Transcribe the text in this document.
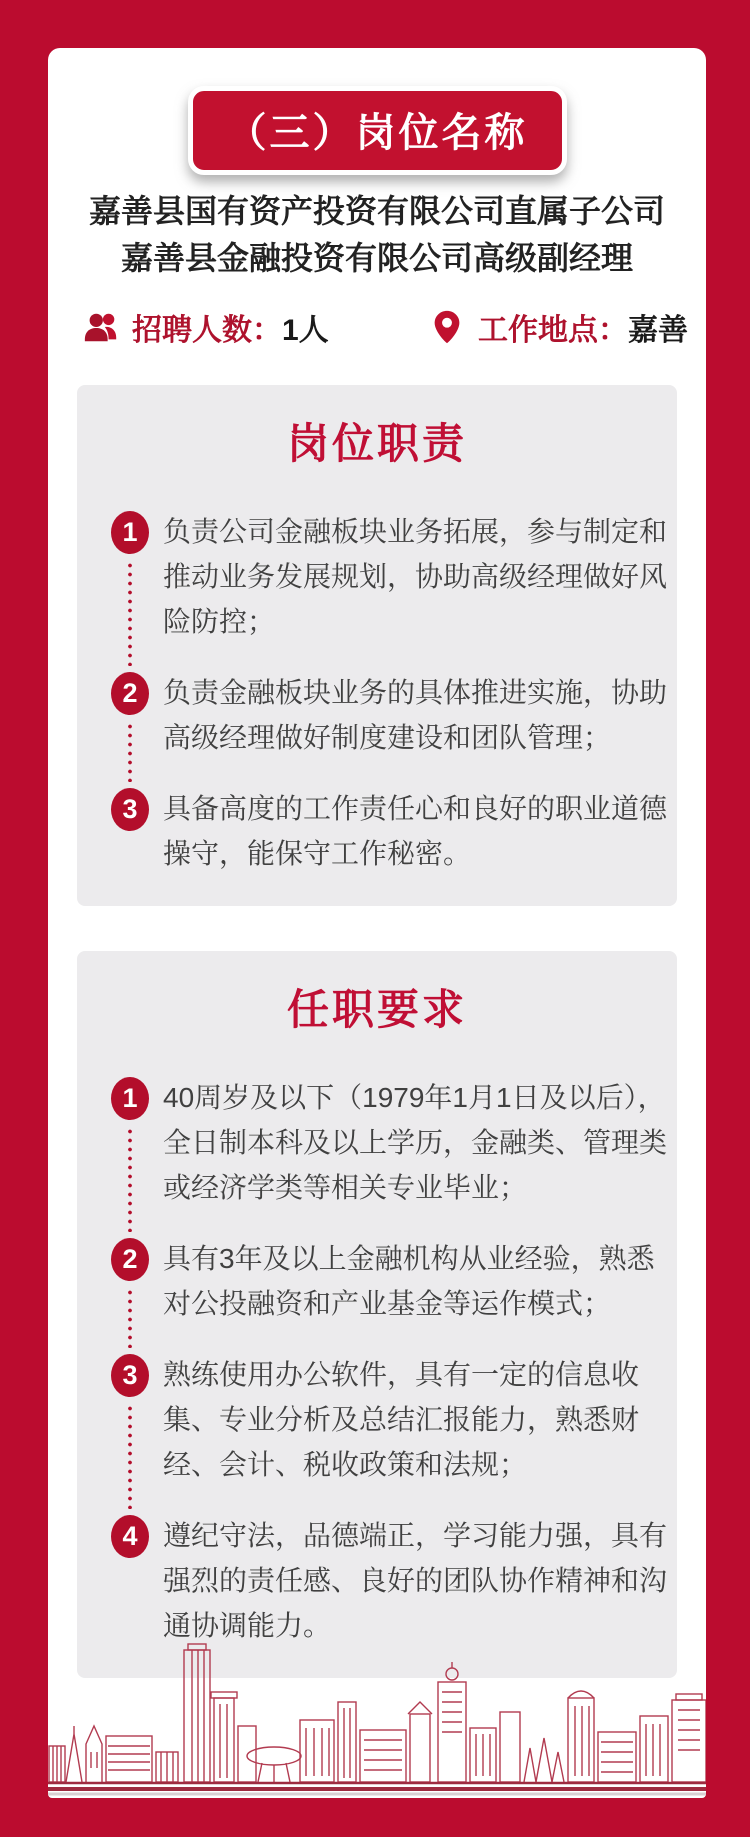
（三）岗位名称
嘉善县国有资产投资有限公司直属子公司
嘉善县金融投资有限公司高级副经理
招聘人数： 1人	工作地点： 嘉善
岗位职责
1 负责公司金融板块业务拓展，参与制定和推动业务发展规划，协助高级经理做好风险防控；
2 负责金融板块业务的具体推进实施，协助高级经理做好制度建设和团队管理；
3 具备高度的工作责任心和良好的职业道德操守，能保守工作秘密。
任职要求
1 40周岁及以下（1979年1月1日及以后），全日制本科及以上学历，金融类、管理类或经济学类等相关专业毕业；
2 具有3年及以上金融机构从业经验，熟悉对公投融资和产业基金等运作模式；
3 熟练使用办公软件，具有一定的信息收集、专业分析及总结汇报能力，熟悉财经、会计、税收政策和法规；
4 遵纪守法，品德端正，学习能力强，具有强烈的责任感、良好的团队协作精神和沟通协调能力。
